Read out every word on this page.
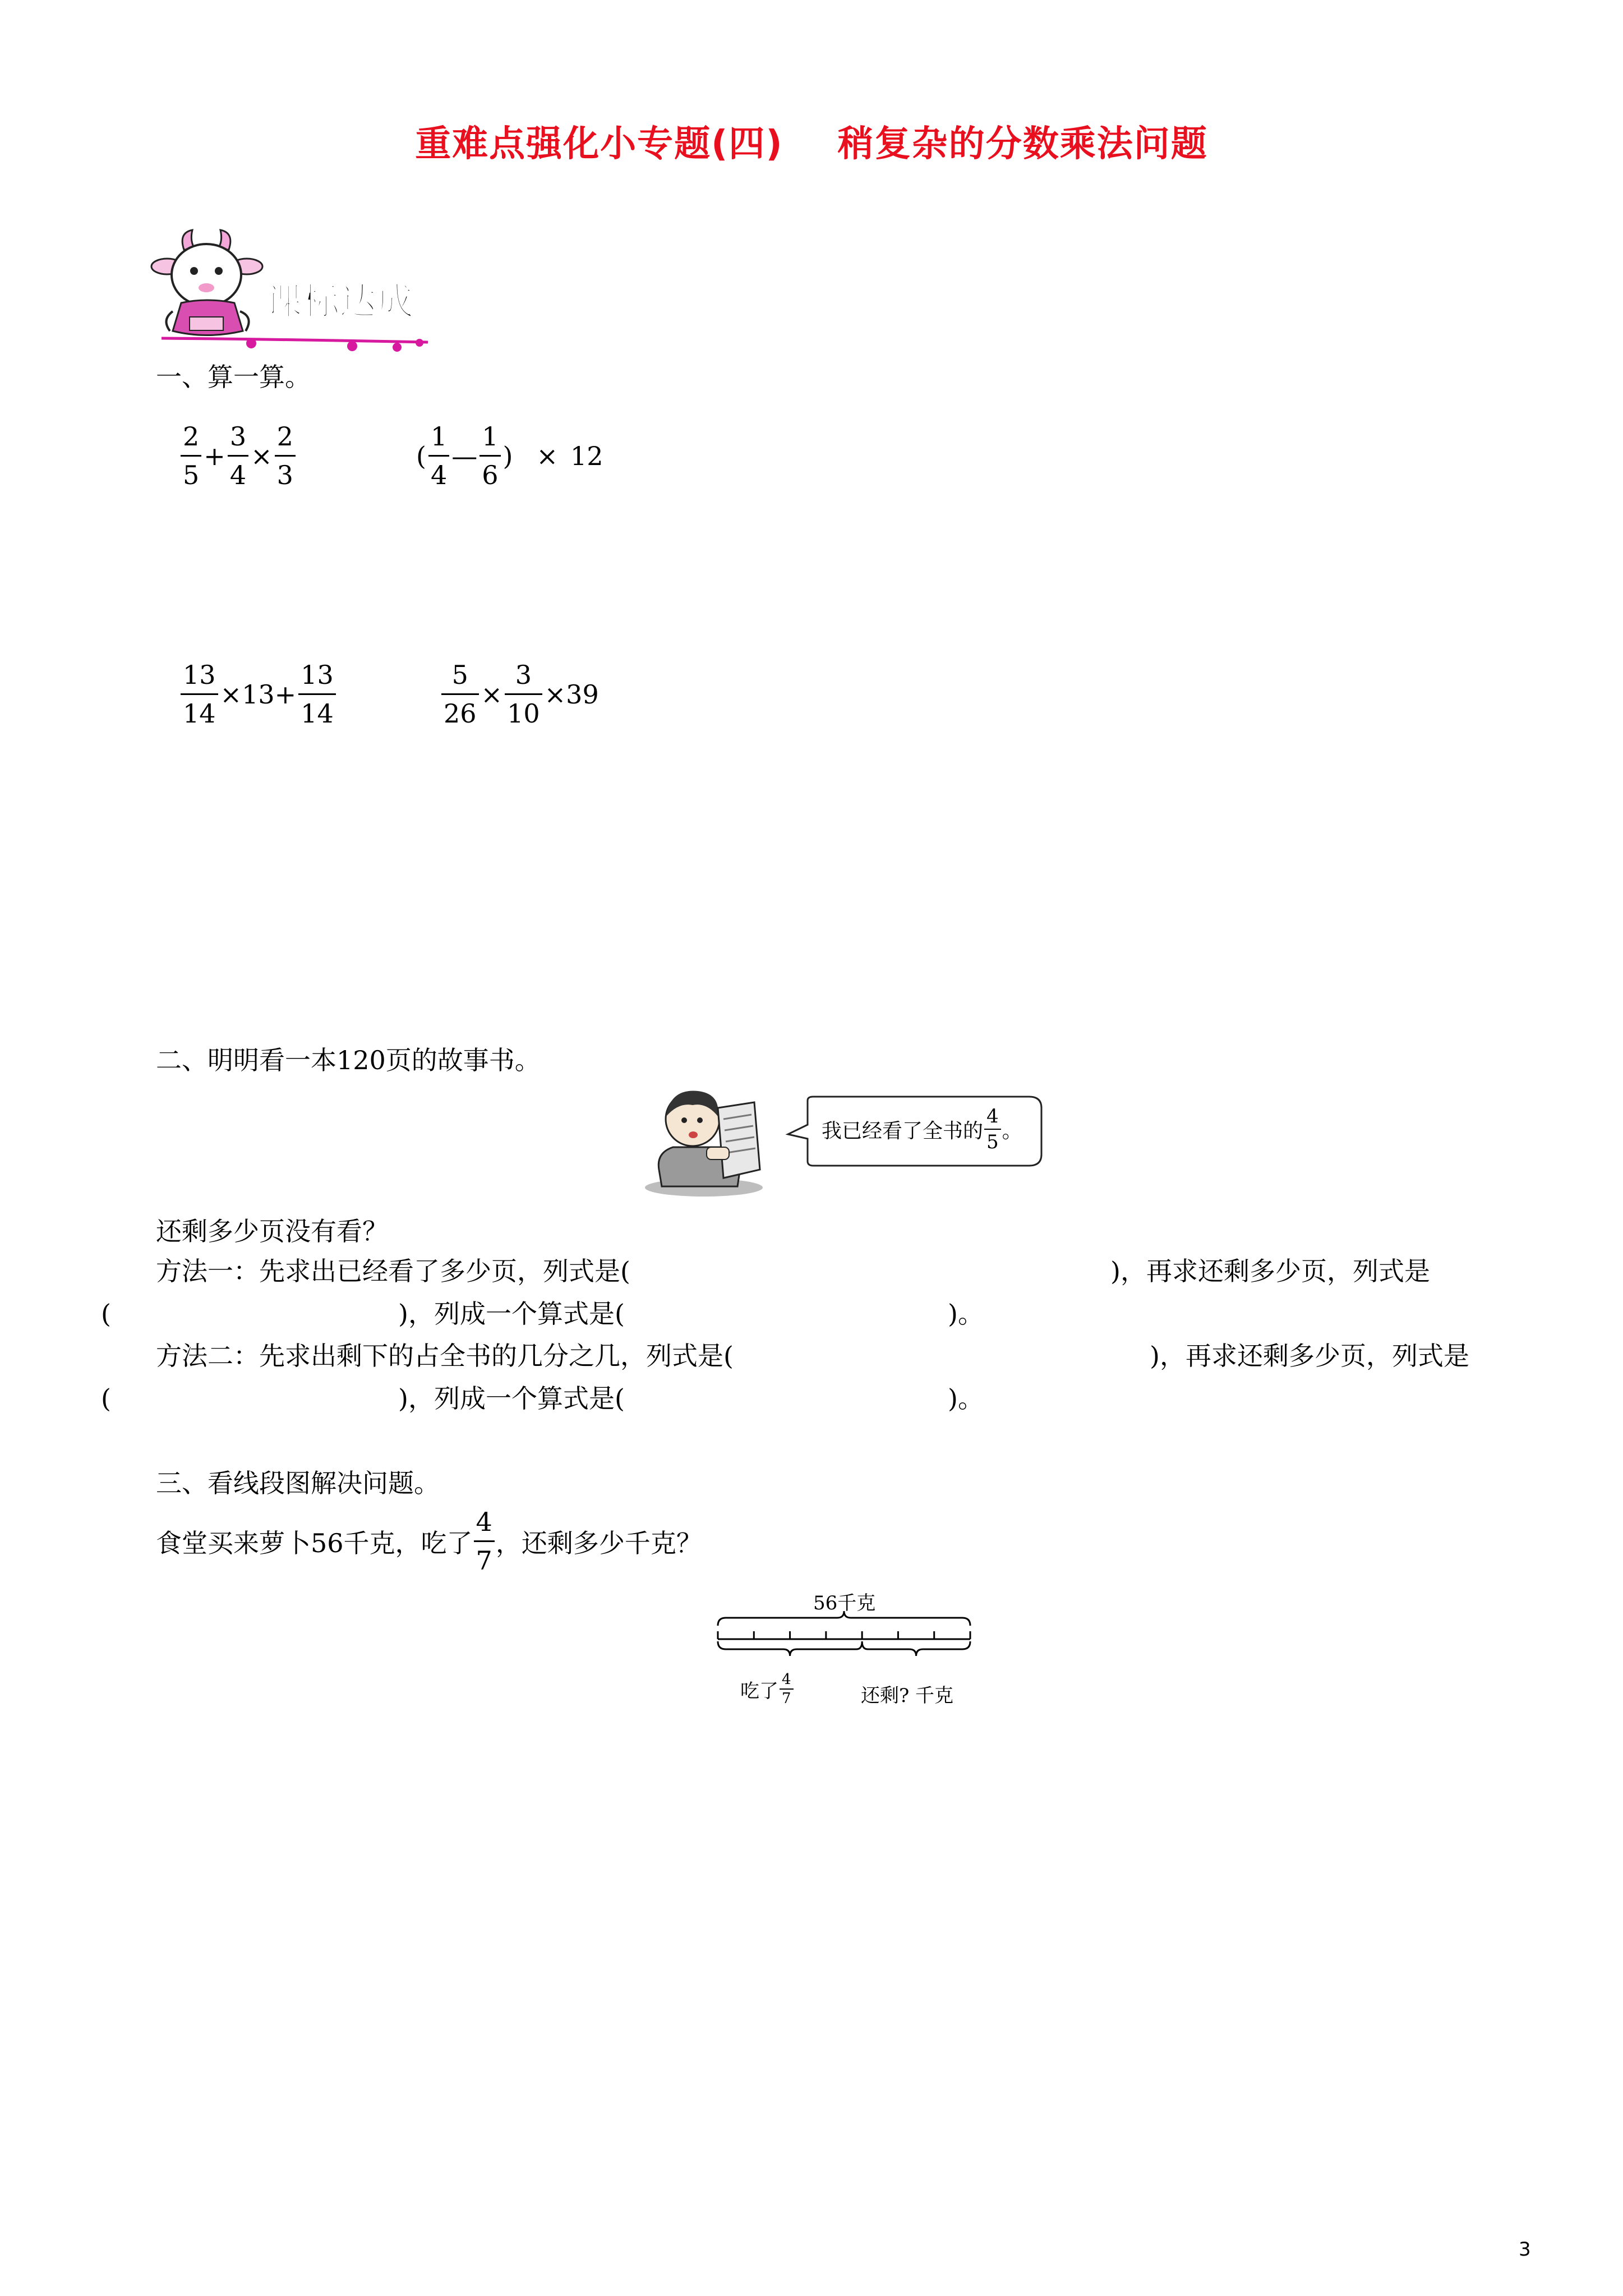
重难点强化小专题(四)    稍复杂的分数乘法问题
课标达成
一、算一算。
$\frac{2}{5} + \frac{3}{4} \times \frac{2}{3}$	( $\frac{1}{4}$ — $\frac{1}{6}$ ) × 12
$\frac{13}{14} \times 13+ \frac{13}{14}$	$\frac{5}{26} \times \frac{3}{10} \times 39$
二、明明看一本120页的故事书。
我已经看了全书的 $\frac{4}{5}$ 。
还剩多少页没有看？
方法一：先求出已经看了多少页，列式是(	)，再求还剩多少页，列式是
(	)，列成一个算式是(	)。
方法二：先求出剩下的占全书的几分之几，列式是(	)，再求还剩多少页，列式是
(	)，列成一个算式是(	)。
三、看线段图解决问题。
食堂买来萝卜56千克，吃了 $\frac{4}{7}$ ，还剩多少千克？
56千克
吃了 $\frac{4}{7}$	还剩? 千克
3
